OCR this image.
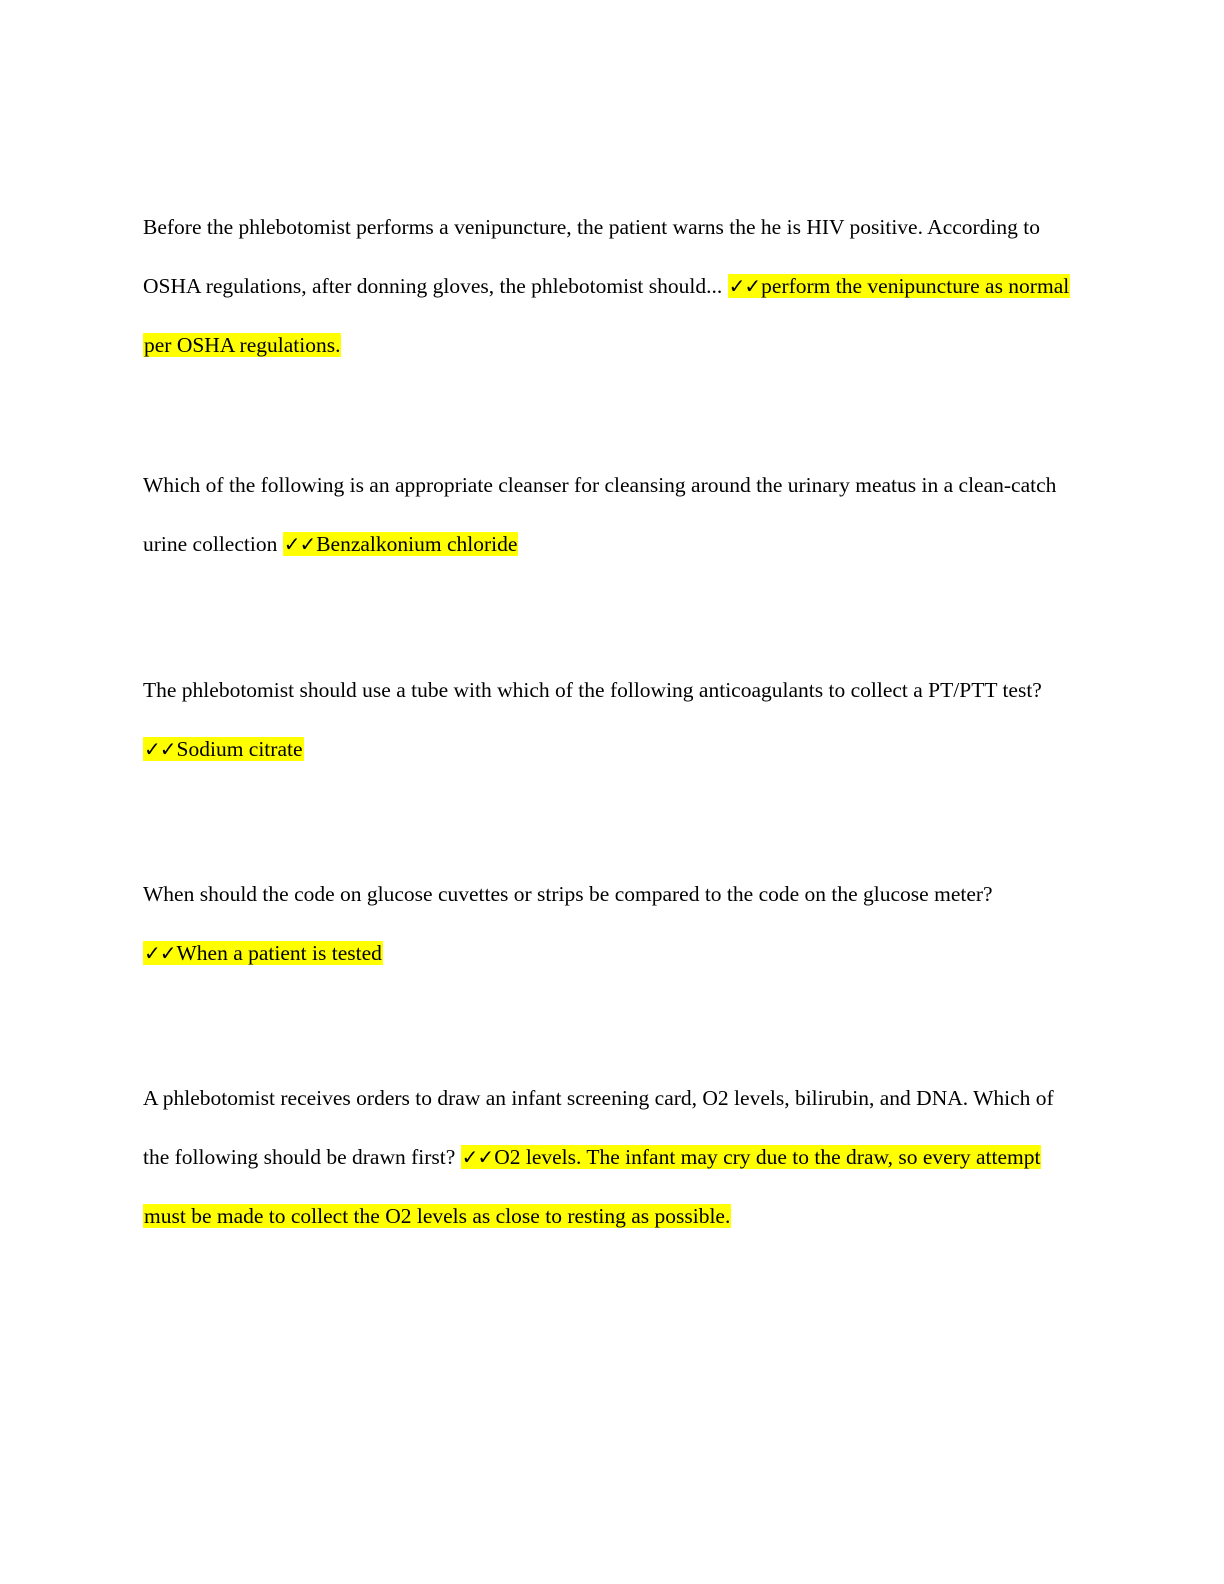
Before the phlebotomist performs a venipuncture, the patient warns the he is HIV positive. According to OSHA regulations, after donning gloves, the phlebotomist should... ✓✓perform the venipuncture as normal per OSHA regulations.

Which of the following is an appropriate cleanser for cleansing around the urinary meatus in a clean-catch urine collection ✓✓Benzalkonium chloride

The phlebotomist should use a tube with which of the following anticoagulants to collect a PT/PTT test? ✓✓Sodium citrate

When should the code on glucose cuvettes or strips be compared to the code on the glucose meter? ✓✓When a patient is tested

A phlebotomist receives orders to draw an infant screening card, O2 levels, bilirubin, and DNA. Which of the following should be drawn first? ✓✓O2 levels. The infant may cry due to the draw, so every attempt must be made to collect the O2 levels as close to resting as possible.
